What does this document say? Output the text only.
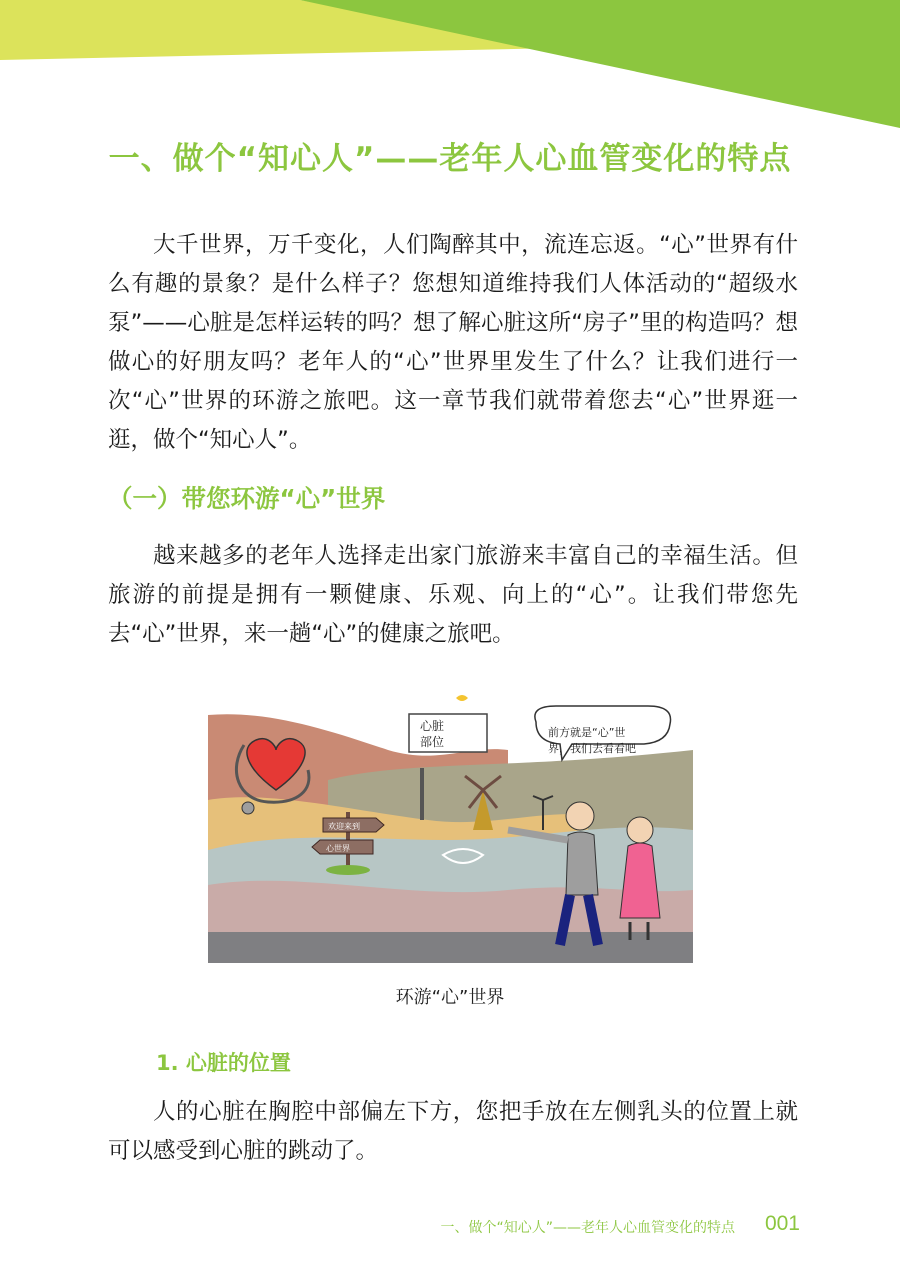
一、做个“知心人”——老年人心血管变化的特点

大千世界，万千变化，人们陶醉其中，流连忘返。“心”世界有什么有趣的景象？是什么样子？您想知道维持我们人体活动的“超级水泵”——心脏是怎样运转的吗？想了解心脏这所“房子”里的构造吗？想做心的好朋友吗？老年人的“心”世界里发生了什么？让我们进行一次“心”世界的环游之旅吧。这一章节我们就带着您去“心”世界逛一逛，做个“知心人”。

（一）带您环游“心”世界

越来越多的老年人选择走出家门旅游来丰富自己的幸福生活。但旅游的前提是拥有一颗健康、乐观、向上的“心”。让我们带您先去“心”世界，来一趟“心”的健康之旅吧。

心脏
部位
欢迎来到
心世界
前方就是“心”世
界，我们去看看吧
环游“心”世界
1. 心脏的位置

人的心脏在胸腔中部偏左下方，您把手放在左侧乳头的位置上就可以感受到心脏的跳动了。

一、做个“知心人”——老年人心血管变化的特点 001
